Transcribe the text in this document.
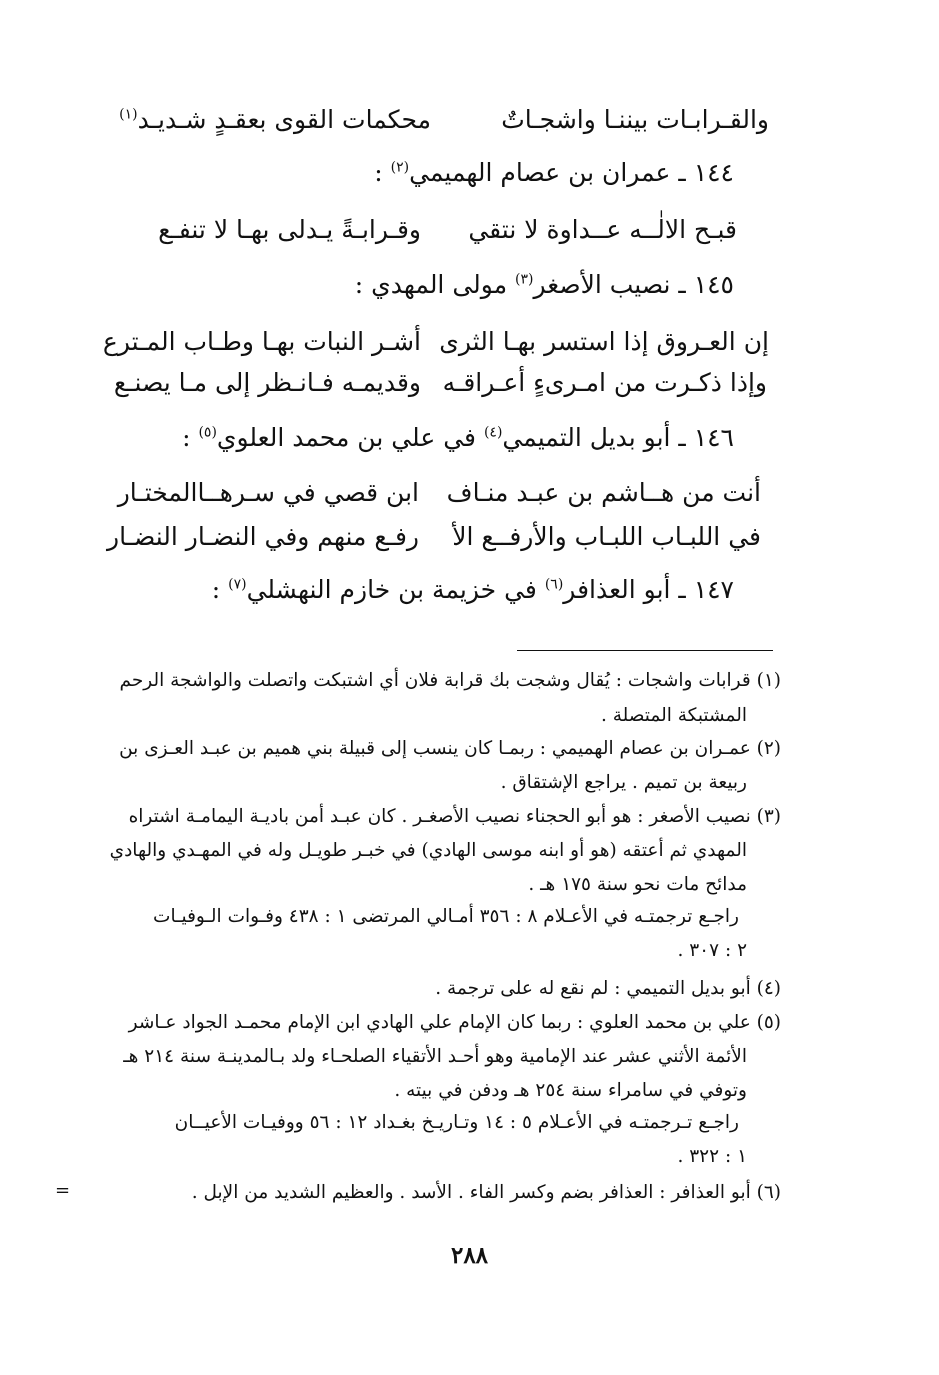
والقـرابـات بيننـا واشجـاتٌ
محكمات القوى بعقـدٍ شـديـد$^{(١)}$
١٤٤ ـ عمران بن عصام الهميمي$^{(٢)}$ :
قبـح الالٰــه عــداوة لا نتقي
وقـرابـةً يـدلى بهـا لا تنفـع
١٤٥ ـ نصيب الأصغر$^{(٣)}$ مولى المهدي :
إن العـروق إذا استسر بهـا الثرى
أشـر النبات بهـا وطـاب المـترع
وإذا ذكـرت من امـرىءٍ أعـراقـه
وقديمـه فـانـظر إلى مـا يصنـع
١٤٦ ـ أبو بديل التميمي$^{(٤)}$ في علي بن محمد العلوي$^{(٥)}$ :
أنت من هــاشم بن عبـد منـاف
ابن قصي في سـرهــاالمختـار
في اللبـاب اللبـاب والأرفــع الأ
رفـع منهم وفي النضـار النضـار
١٤٧ ـ أبو العذافر$^{(٦)}$ في خزيمة بن خازم النهشلي$^{(٧)}$ :
(١) قرابات واشجات : يُقال وشجت بك قرابة فلان أي اشتبكت واتصلت والواشجة الرحم
المشتبكة المتصلة .
(٢) عمـران بن عصام الهميمي : ربمـا كان ينسب إلى قبيلة بني هميم بن عبـد العـزى بن
ربيعة بن تميم . يراجع الإشتقاق .
(٣) نصيب الأصغر : هو أبو الحجناء نصيب الأصغـر . كان عبـد أمن باديـة اليمامـة اشتراه
المهدي ثم أعتقه (هو أو ابنه موسى الهادي) في خبـر طويـل وله في المهـدي والهادي
مدائح مات نحو سنة ١٧٥ هـ .
راجـع ترجمتـه في الأعـلام ٨ : ٣٥٦ أمـالي المرتضى ١ : ٤٣٨ وفـوات الـوفيـات
٢ : ٣٠٧ .
(٤) أبو بديل التميمي : لم نقع له على ترجمة .
(٥) علي بن محمد العلوي : ربما كان الإمام علي الهادي ابن الإمام محمـد الجواد عـاشر
الأئمة الأثني عشر عند الإمامية وهو أحـد الأتقياء الصلحـاء ولد بـالمدينـة سنة ٢١٤ هـ
وتوفي في سامراء سنة ٢٥٤ هـ ودفن في بيته .
راجـع تـرجمتـه في الأعـلام ٥ : ١٤ وتـاريـخ بغـداد ١٢ : ٥٦ ووفيـات الأعيــان
١ : ٣٢٢ .
(٦) أبو العذافر : العذافر بضم وكسر الفاء . الأسد . والعظيم الشديد من الإبل .
=
٢٨٨
